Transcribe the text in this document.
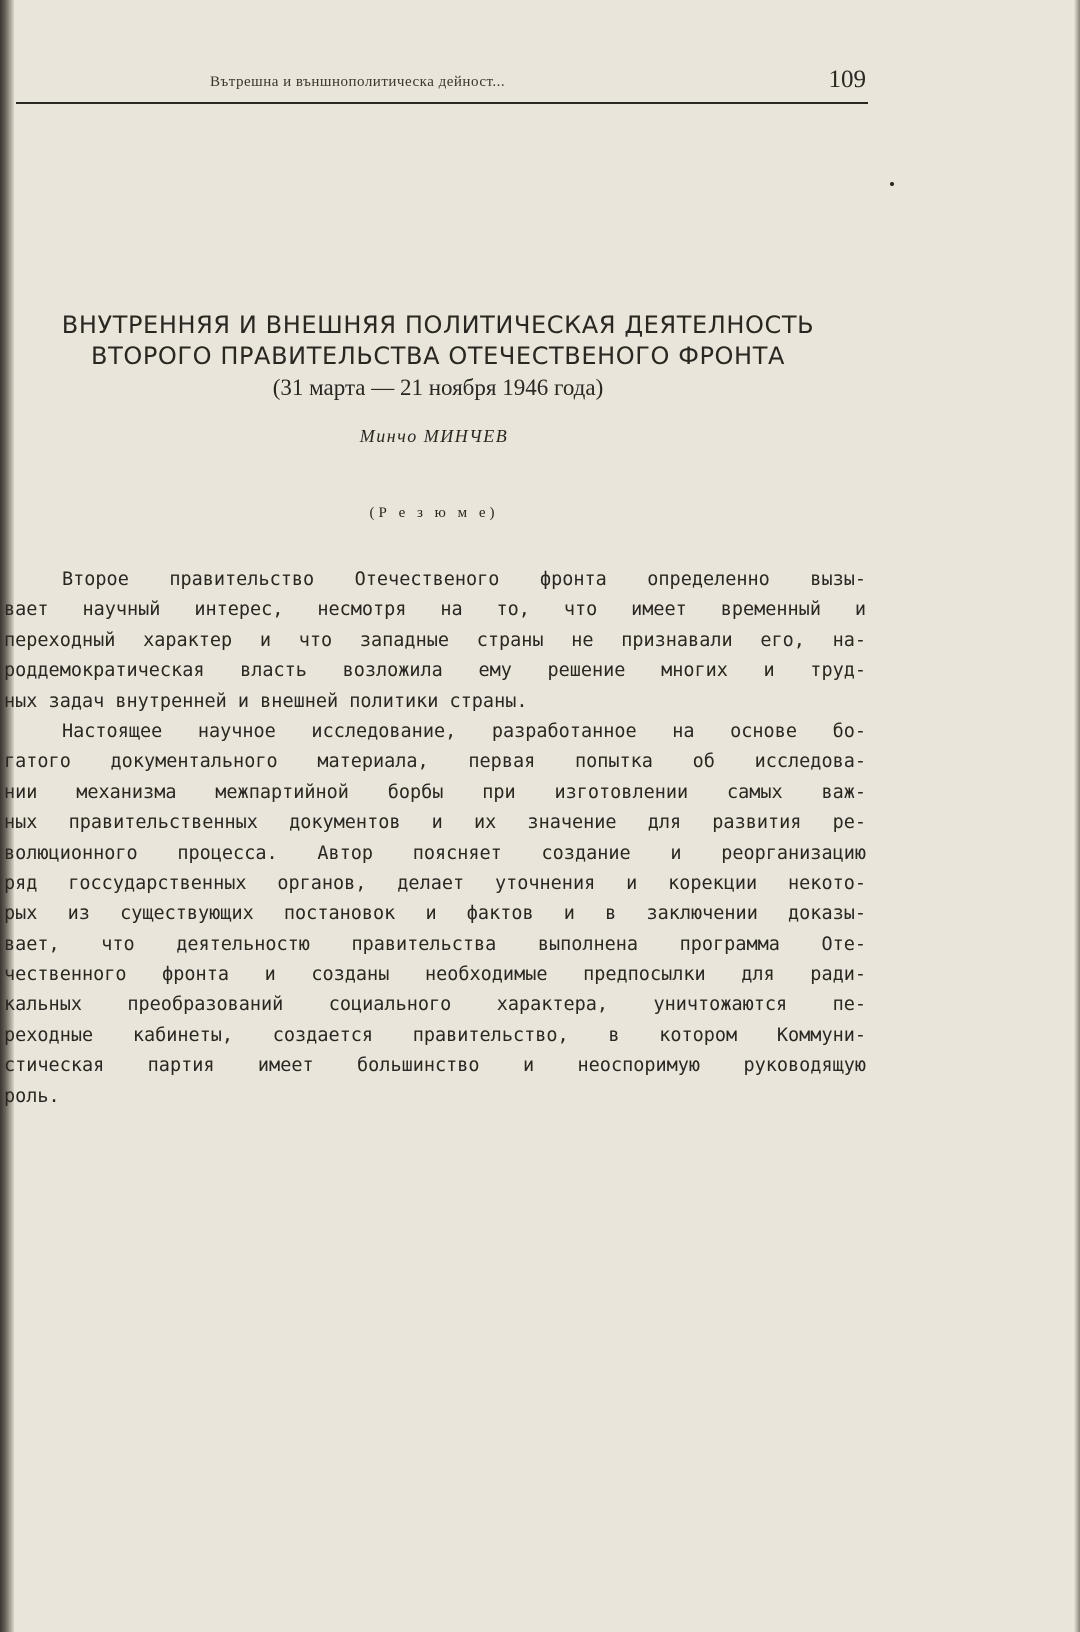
Вътрешна и външнополитическа дейност...	109
ВНУТРЕННЯЯ И ВНЕШНЯЯ ПОЛИТИЧЕСКАЯ ДЕЯТЕЛНОСТЬ
ВТОРОГО ПРАВИТЕЛЬСТВА ОТЕЧЕСТВЕНОГО ФРОНТА
(31 марта — 21 ноября 1946 года)
Минчо МИНЧЕВ
(Р е з ю м е)
Второе правительство Отечественого фронта определенно вызы-
вает научный интерес, несмотря на то, что имеет временный и
переходный характер и что западные страны не признавали его, на-
роддемократическая власть возложила ему решение многих и труд-
ных задач внутренней и внешней политики страны.
Настоящее научное исследование, разработанное на основе бо-
гатого документального материала, первая попытка об исследова-
нии механизма межпартийной борбы при изготовлении самых важ-
ных правительственных документов и их значение для развития ре-
волюционного процесса. Автор поясняет создание и реорганизацию
ряд госсударственных органов, делает уточнения и корекции некото-
рых из существующих постановок и фактов и в заключении доказы-
вает, что деятельностю правительства выполнена программа Оте-
чественного фронта и созданы необходимые предпосылки для ради-
кальных преобразований социального характера, уничтожаются пе-
реходные кабинеты, создается правительство, в котором Коммуни-
стическая партия имеет большинство и неоспоримую руководящую
роль.
